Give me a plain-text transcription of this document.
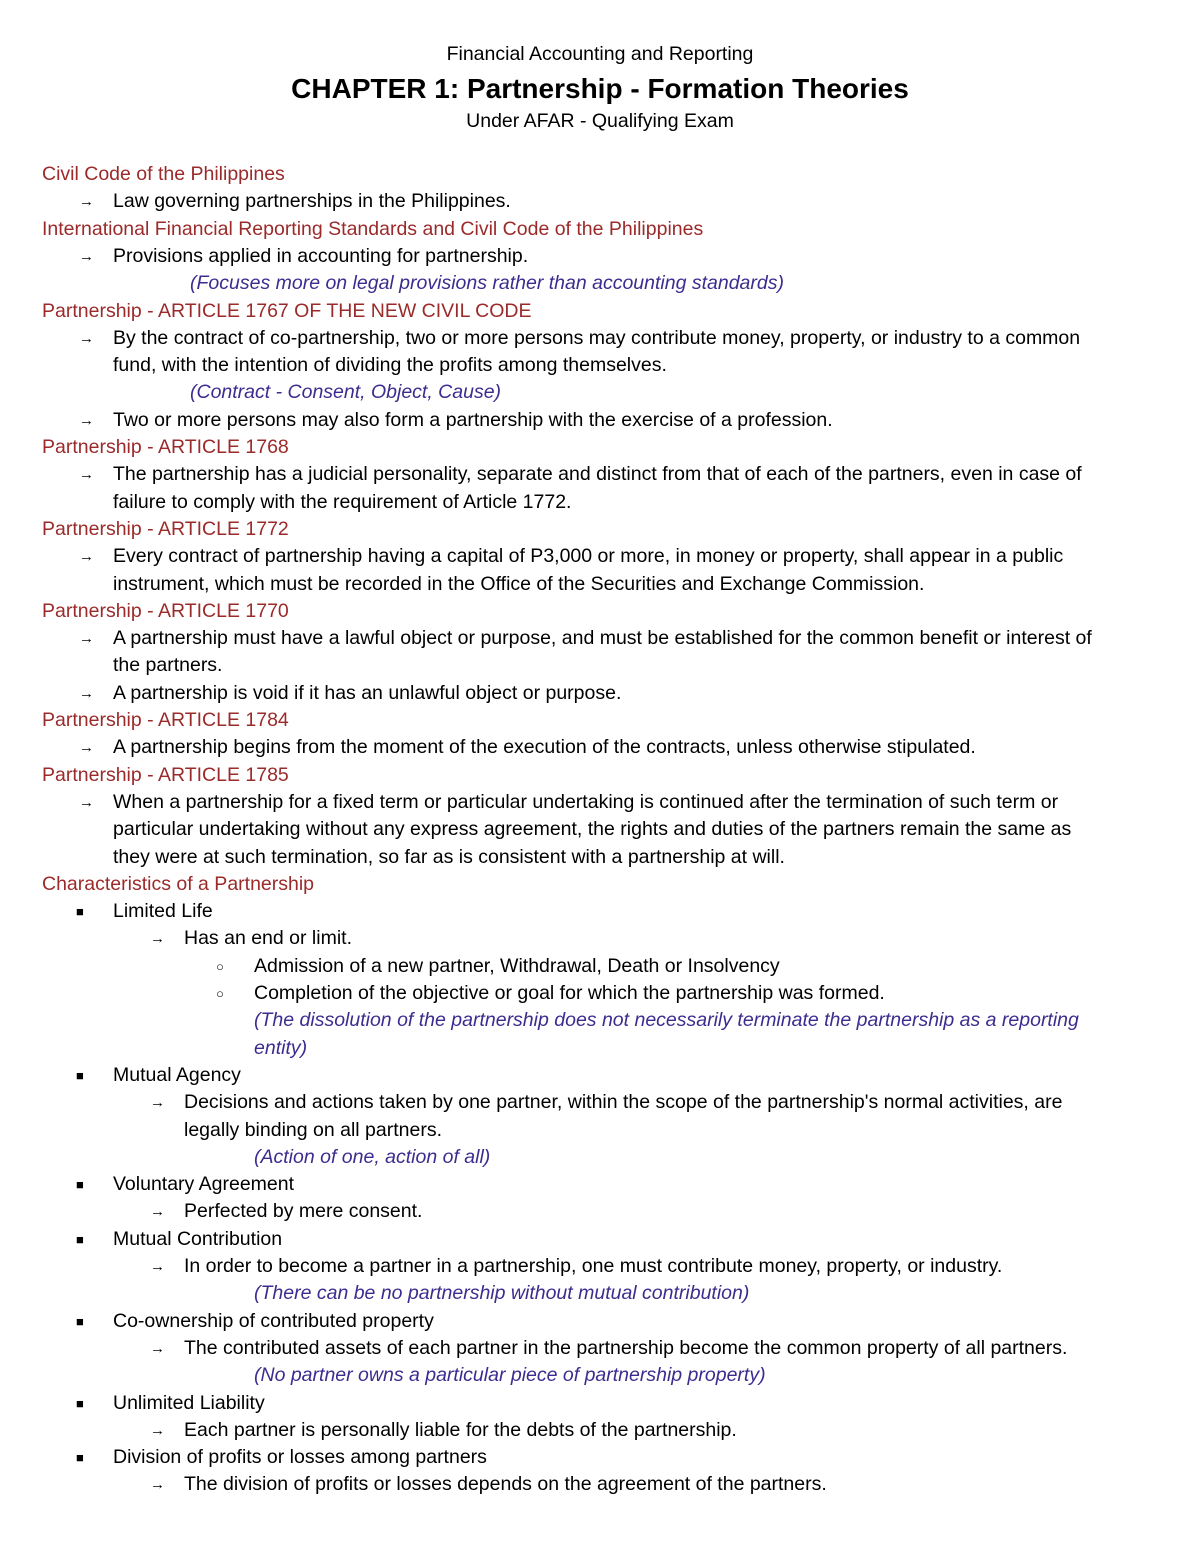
Financial Accounting and Reporting
CHAPTER 1: Partnership - Formation Theories
Under AFAR - Qualifying Exam
Civil Code of the Philippines
→ Law governing partnerships in the Philippines.
International Financial Reporting Standards and Civil Code of the Philippines
→ Provisions applied in accounting for partnership.
(Focuses more on legal provisions rather than accounting standards)
Partnership - ARTICLE 1767 OF THE NEW CIVIL CODE
→ By the contract of co-partnership, two or more persons may contribute money, property, or industry to a common
fund, with the intention of dividing the profits among themselves.
(Contract - Consent, Object, Cause)
→ Two or more persons may also form a partnership with the exercise of a profession.
Partnership - ARTICLE 1768
→ The partnership has a judicial personality, separate and distinct from that of each of the partners, even in case of
failure to comply with the requirement of Article 1772.
Partnership - ARTICLE 1772
→ Every contract of partnership having a capital of P3,000 or more, in money or property, shall appear in a public
instrument, which must be recorded in the Office of the Securities and Exchange Commission.
Partnership - ARTICLE 1770
→ A partnership must have a lawful object or purpose, and must be established for the common benefit or interest of
the partners.
→ A partnership is void if it has an unlawful object or purpose.
Partnership - ARTICLE 1784
→ A partnership begins from the moment of the execution of the contracts, unless otherwise stipulated.
Partnership - ARTICLE 1785
→ When a partnership for a fixed term or particular undertaking is continued after the termination of such term or
particular undertaking without any express agreement, the rights and duties of the partners remain the same as
they were at such termination, so far as is consistent with a partnership at will.
Characteristics of a Partnership
■ Limited Life
→ Has an end or limit.
○ Admission of a new partner, Withdrawal, Death or Insolvency
○ Completion of the objective or goal for which the partnership was formed.
(The dissolution of the partnership does not necessarily terminate the partnership as a reporting
entity)
■ Mutual Agency
→ Decisions and actions taken by one partner, within the scope of the partnership's normal activities, are
legally binding on all partners.
(Action of one, action of all)
■ Voluntary Agreement
→ Perfected by mere consent.
■ Mutual Contribution
→ In order to become a partner in a partnership, one must contribute money, property, or industry.
(There can be no partnership without mutual contribution)
■ Co-ownership of contributed property
→ The contributed assets of each partner in the partnership become the common property of all partners.
(No partner owns a particular piece of partnership property)
■ Unlimited Liability
→ Each partner is personally liable for the debts of the partnership.
■ Division of profits or losses among partners
→ The division of profits or losses depends on the agreement of the partners.
